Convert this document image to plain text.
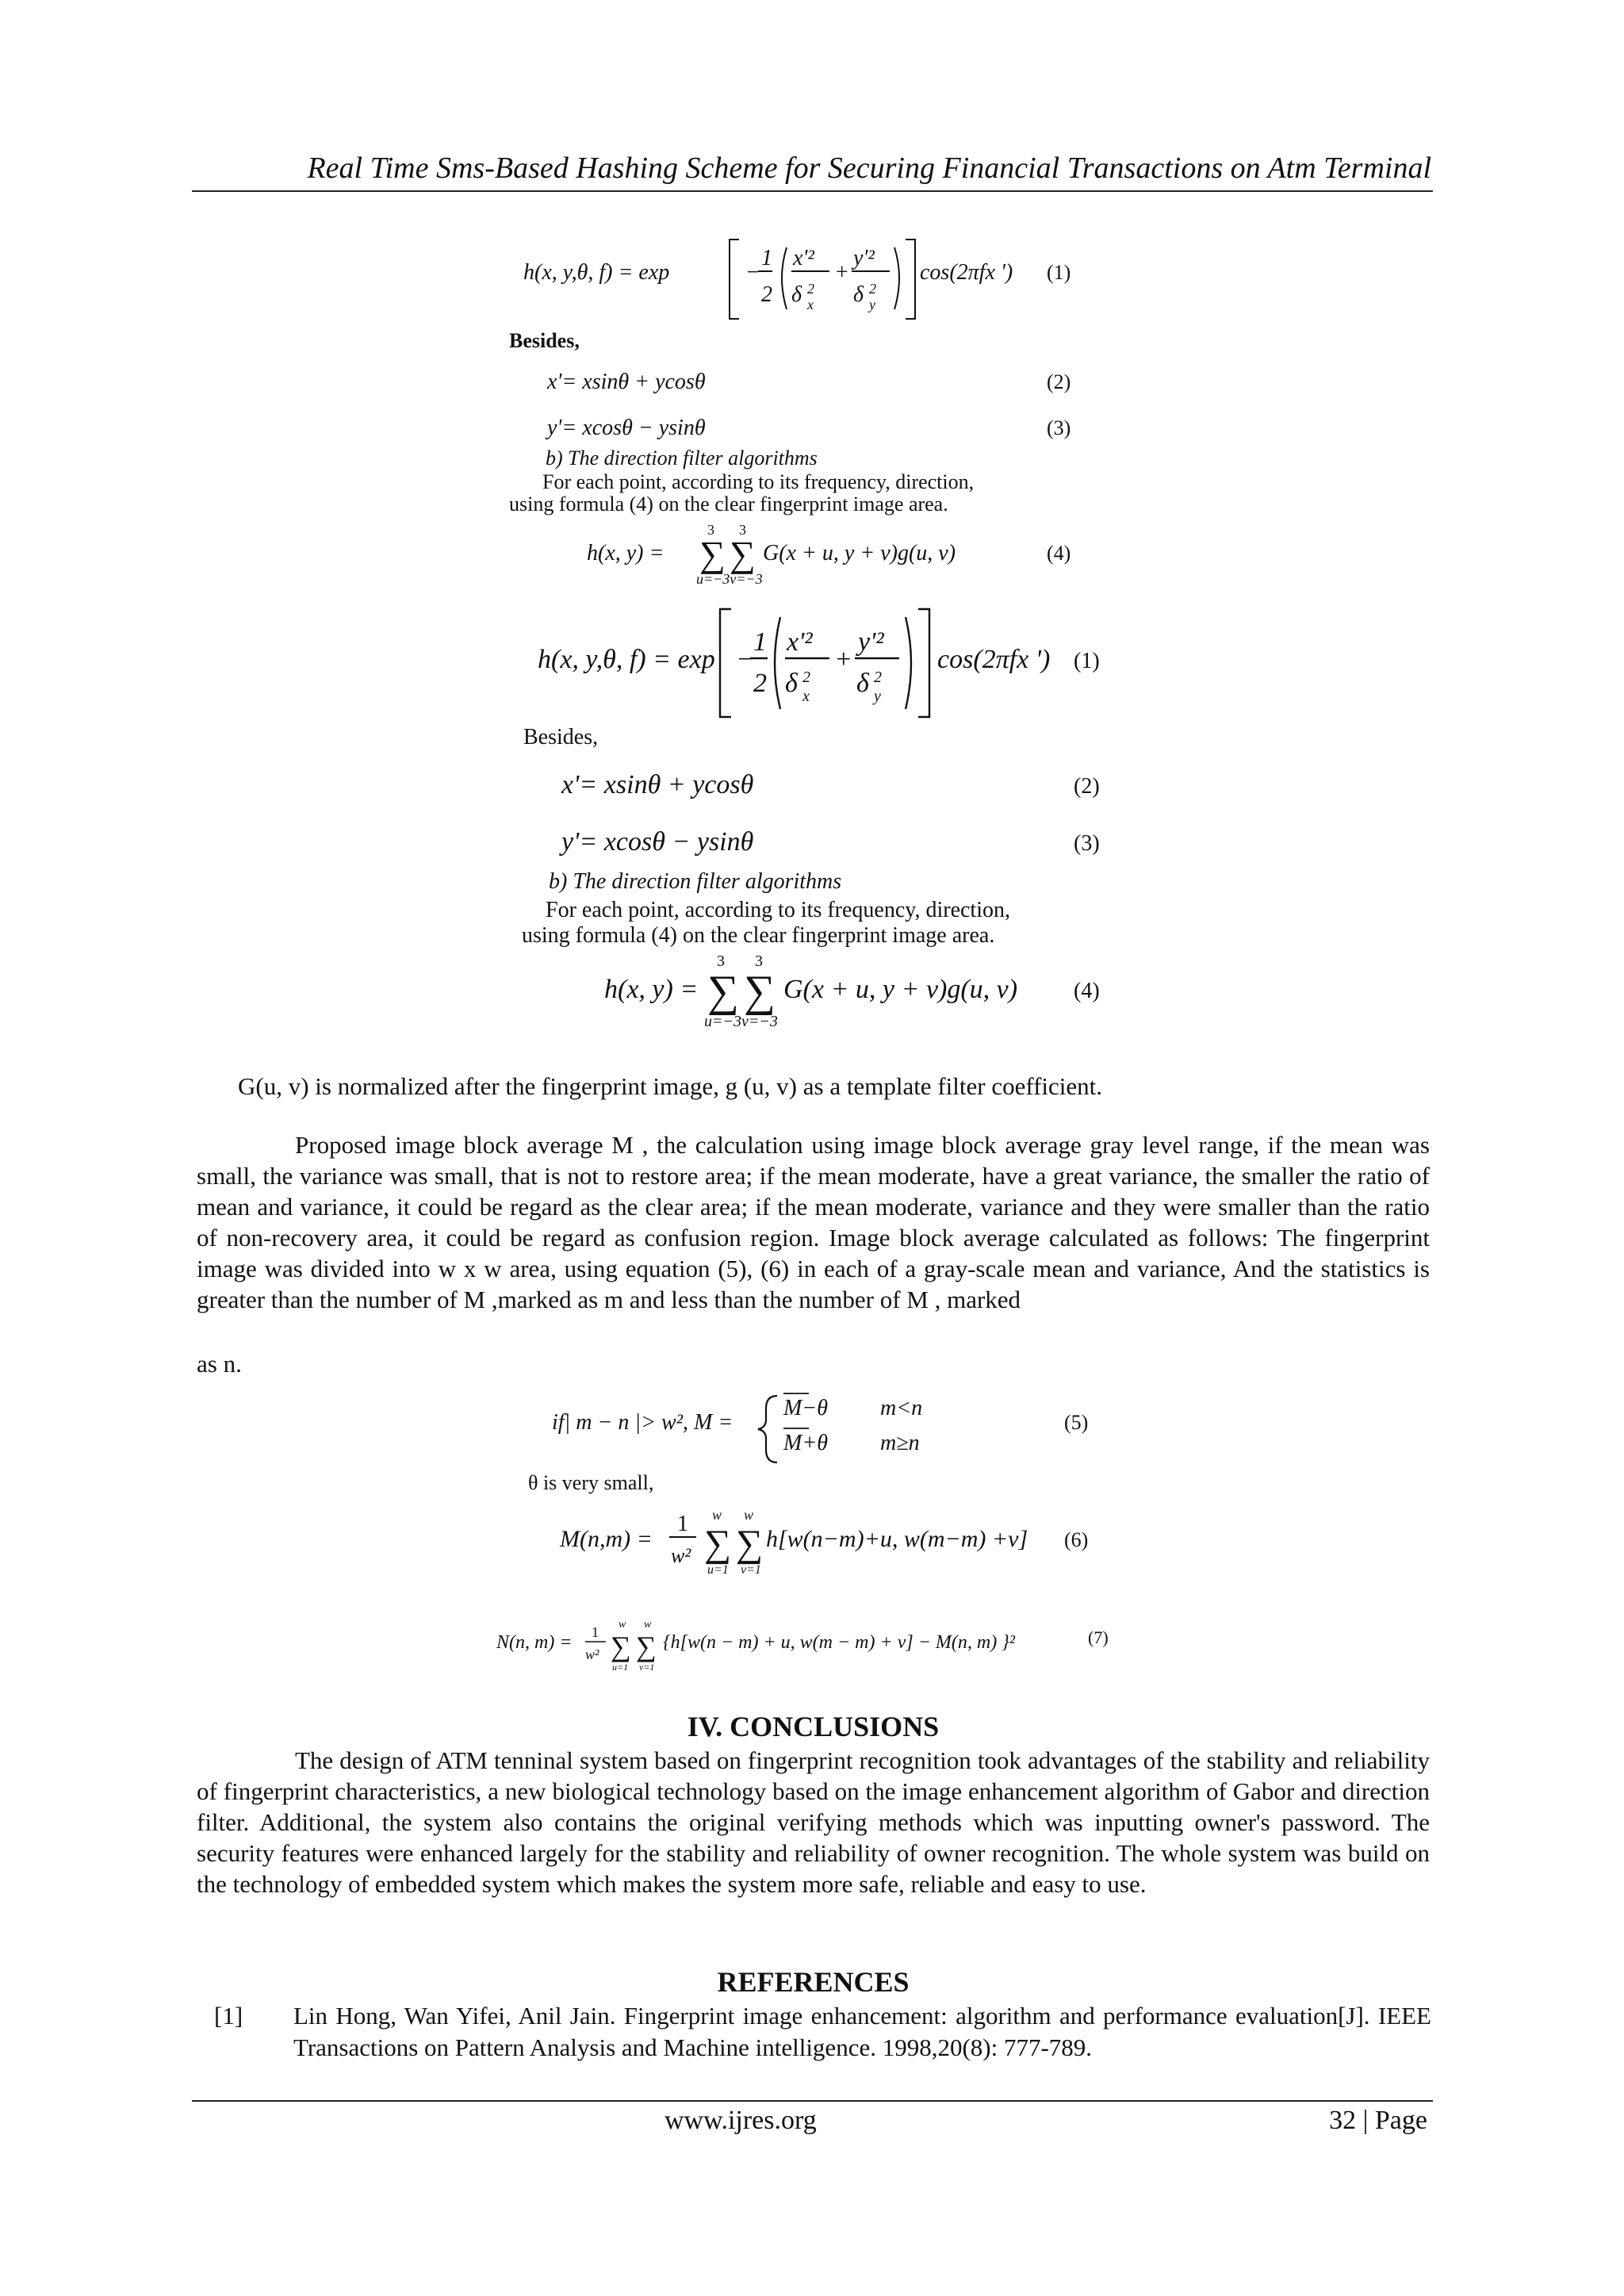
Real Time Sms-Based Hashing Scheme for Securing Financial Transactions on Atm Terminal
h(x, y,θ, f) = exp	−
1
2
x'²
+
y'²
δ δ
cos(2πfx ')
2
x
2
y
(1)
Besides,
x'= xsinθ + ycosθ	(2)
y'= xcosθ − ysinθ	(3)
b) The direction filter algorithms
For each point, according to its frequency, direction,
using formula (4) on the clear fingerprint image area.
h(x, y) = ∑ ∑
3 3
u=−3v=−3
G(x + u, y + v)g(u, v)	(4)
h(x, y,θ, f) = exp −
1
2
x'²
+
y'²
δ δ
cos(2πfx ')
2
x
2
y
(1)
Besides,
x'= xsinθ + ycosθ	(2)
y'= xcosθ − ysinθ	(3)
b) The direction filter algorithms
For each point, according to its frequency, direction,
using formula (4) on the clear fingerprint image area.
h(x, y) = ∑ ∑
3 3
u=−3v=−3
G(x + u, y + v)g(u, v)	(4)

G(u, v) is normalized after the fingerprint image, g (u, v) as a template filter coefficient.

Proposed image block average M , the calculation using image block average gray level range, if the mean was small, the variance was small, that is not to restore area; if the mean moderate, have a great variance, the smaller the ratio of mean and variance, it could be regard as the clear area; if the mean moderate, variance and they were smaller than the ratio of non-recovery area, it could be regard as confusion region. Image block average calculated as follows: The fingerprint image was divided into w x w area, using equation (5), (6) in each of a gray-scale mean and variance, And the statistics is greater than the number of M ,marked as m and less than the number of M , marked

as n.

if| m − n |> w², M =
M−θ m<n
M+θ m≥n
(5)
θ is very small,
M(n,m) =
1
w² ∑ ∑
w w
u=1 v=1
h[w(n−m)+u, w(m−m) +v] (6)
N(n, m) = 1
w² ∑ ∑
w w
u=1 v=1
{h[w(n − m) + u, w(m − m) + v] − M(n, m) }²	(7)
IV. CONCLUSIONS

The design of ATM tenninal system based on fingerprint recognition took advantages of the stability and reliability of fingerprint characteristics, a new biological technology based on the image enhancement algorithm of Gabor and direction filter. Additional, the system also contains the original verifying methods which was inputting owner's password. The security features were enhanced largely for the stability and reliability of owner recognition. The whole system was build on the technology of embedded system which makes the system more safe, reliable and easy to use.

REFERENCES
[1]	Lin Hong, Wan Yifei, Anil Jain. Fingerprint image enhancement: algorithm and performance evaluation[J]. IEEE Transactions on Pattern Analysis and Machine intelligence. 1998,20(8): 777-789.
www.ijres.org	32 | Page
